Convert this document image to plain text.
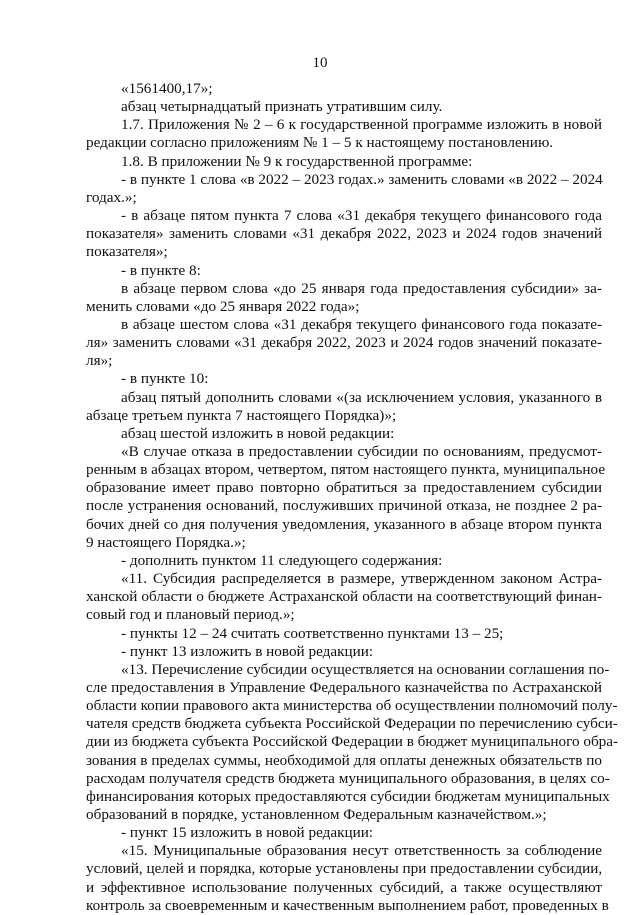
10
«1561400,17»;
абзац четырнадцатый признать утратившим силу.
1.7. Приложения № 2 – 6 к государственной программе изложить в новой
редакции согласно приложениям № 1 – 5 к настоящему постановлению.
1.8. В приложении № 9 к государственной программе:
- в пункте 1 слова «в 2022 – 2023 годах.» заменить словами «в 2022 – 2024
годах.»;
- в абзаце пятом пункта 7 слова «31 декабря текущего финансового года
показателя» заменить словами «31 декабря 2022, 2023 и 2024 годов значений
показателя»;
- в пункте 8:
в абзаце первом слова «до 25 января года предоставления субсидии» за-
менить словами «до 25 января 2022 года»;
в абзаце шестом слова «31 декабря текущего финансового года показате-
ля» заменить словами «31 декабря 2022, 2023 и 2024 годов значений показате-
ля»;
- в пункте 10:
абзац пятый дополнить словами «(за исключением условия, указанного в
абзаце третьем пункта 7 настоящего Порядка)»;
абзац шестой изложить в новой редакции:
«В случае отказа в предоставлении субсидии по основаниям, предусмот-
ренным в абзацах втором, четвертом, пятом настоящего пункта, муниципальное
образование имеет право повторно обратиться за предоставлением субсидии
после устранения оснований, послуживших причиной отказа, не позднее 2 ра-
бочих дней со дня получения уведомления, указанного в абзаце втором пункта
9 настоящего Порядка.»;
- дополнить пунктом 11 следующего содержания:
«11. Субсидия распределяется в размере, утвержденном законом Астра-
ханской области о бюджете Астраханской области на соответствующий финан-
совый год и плановый период.»;
- пункты 12 – 24 считать соответственно пунктами 13 – 25;
- пункт 13 изложить в новой редакции:
«13. Перечисление субсидии осуществляется на основании соглашения по-
сле предоставления в Управление Федерального казначейства по Астраханской
области копии правового акта министерства об осуществлении полномочий полу-
чателя средств бюджета субъекта Российской Федерации по перечислению субси-
дии из бюджета субъекта Российской Федерации в бюджет муниципального обра-
зования в пределах суммы, необходимой для оплаты денежных обязательств по
расходам получателя средств бюджета муниципального образования, в целях со-
финансирования которых предоставляются субсидии бюджетам муниципальных
образований в порядке, установленном Федеральным казначейством.»;
- пункт 15 изложить в новой редакции:
«15. Муниципальные образования несут ответственность за соблюдение
условий, целей и порядка, которые установлены при предоставлении субсидии,
и эффективное использование полученных субсидий, а также осуществляют
контроль за своевременным и качественным выполнением работ, проведенных в
